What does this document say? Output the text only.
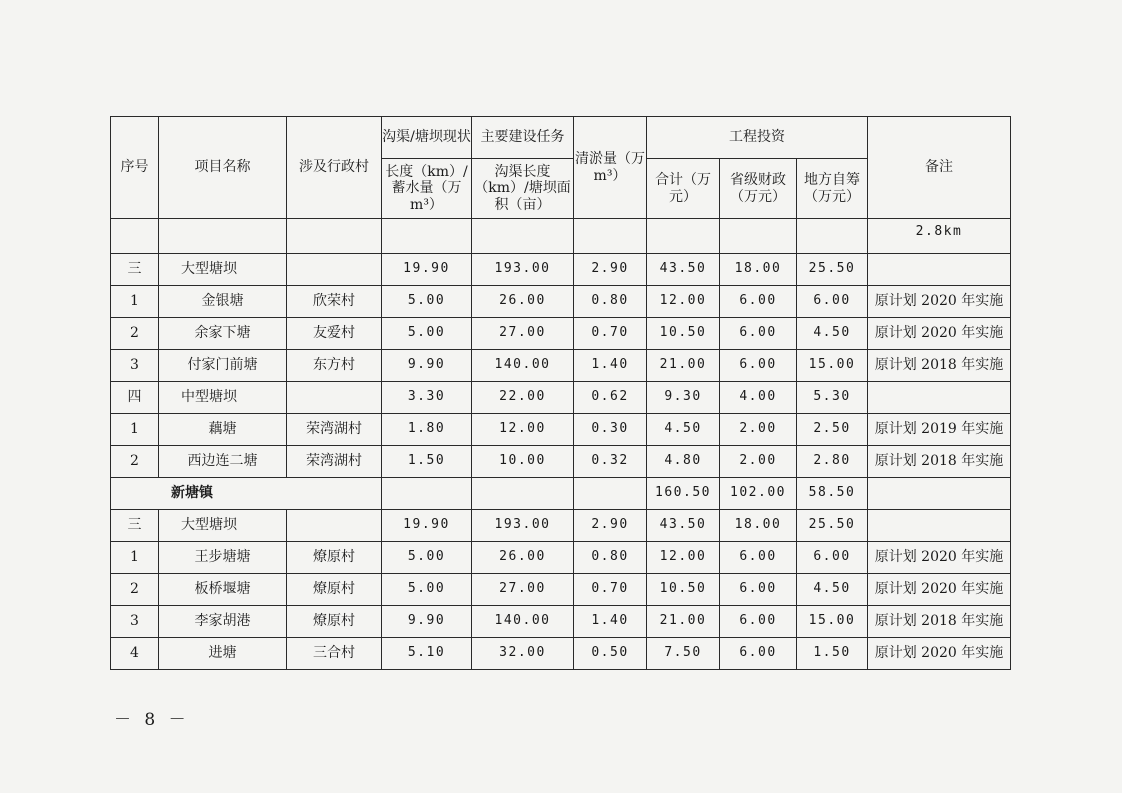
序号	项目名称	涉及行政村	沟渠/塘坝现状	主要建设任务	清淤量（万m³）	工程投资			备注
			长度（km）/蓄水量（万m³）	沟渠长度（km）/塘坝面积（亩）		合计（万元）	省级财政（万元）	地方自筹（万元）	
									2.8km
三	大型塘坝		19.90	193.00	2.90	43.50	18.00	25.50	
1	金银塘	欣荣村	5.00	26.00	0.80	12.00	6.00	6.00	原计划 2020 年实施
2	余家下塘	友爱村	5.00	27.00	0.70	10.50	6.00	4.50	原计划 2020 年实施
3	付家门前塘	东方村	9.90	140.00	1.40	21.00	6.00	15.00	原计划 2018 年实施
四	中型塘坝		3.30	22.00	0.62	9.30	4.00	5.30	
1	藕塘	荣湾湖村	1.80	12.00	0.30	4.50	2.00	2.50	原计划 2019 年实施
2	西边连二塘	荣湾湖村	1.50	10.00	0.32	4.80	2.00	2.80	原计划 2018 年实施
新塘镇						160.50	102.00	58.50	
三	大型塘坝		19.90	193.00	2.90	43.50	18.00	25.50	
1	王步塘塘	燎原村	5.00	26.00	0.80	12.00	6.00	6.00	原计划 2020 年实施
2	板桥堰塘	燎原村	5.00	27.00	0.70	10.50	6.00	4.50	原计划 2020 年实施
3	李家胡港	燎原村	9.90	140.00	1.40	21.00	6.00	15.00	原计划 2018 年实施
4	进塘	三合村	5.10	32.00	0.50	7.50	6.00	1.50	原计划 2020 年实施
－ 8 －
